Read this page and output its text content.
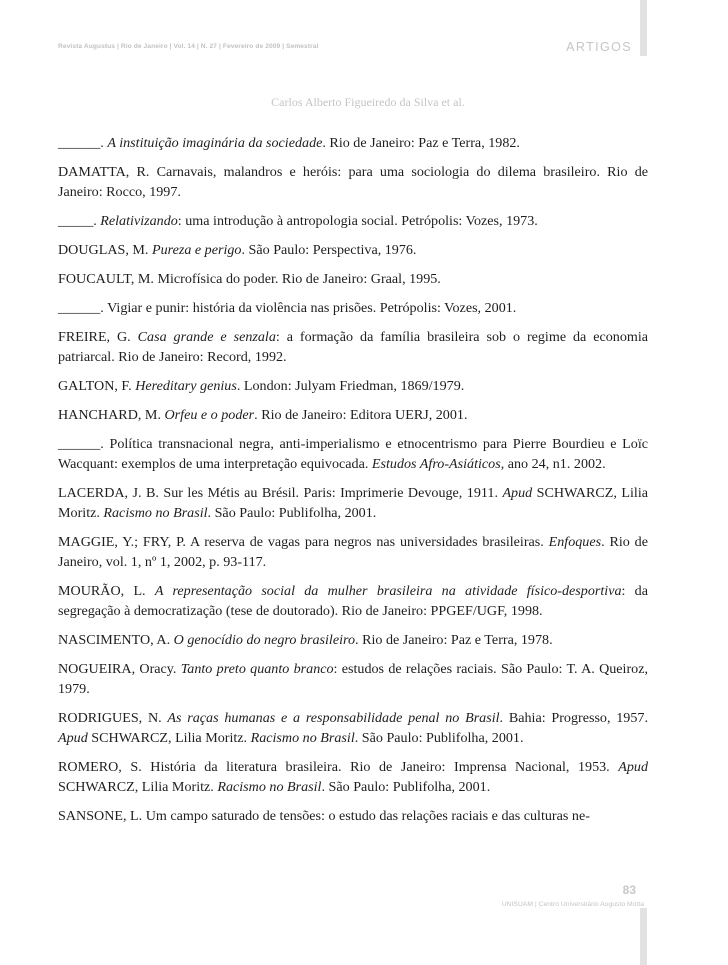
Revista Augustus | Rio de Janeiro | Vol. 14 | N. 27 | Fevereiro de 2009 | Semestral	ARTIGOS
Carlos Alberto Figueiredo da Silva et al.

______. A instituição imaginária da sociedade. Rio de Janeiro: Paz e Terra, 1982.

DAMATTA, R. Carnavais, malandros e heróis: para uma sociologia do dilema brasileiro. Rio de Janeiro: Rocco, 1997.

_____. Relativizando: uma introdução à antropologia social. Petrópolis: Vozes, 1973.

DOUGLAS, M. Pureza e perigo. São Paulo: Perspectiva, 1976.

FOUCAULT, M. Microfísica do poder. Rio de Janeiro: Graal, 1995.

______. Vigiar e punir: história da violência nas prisões. Petrópolis: Vozes, 2001.

FREIRE, G. Casa grande e senzala: a formação da família brasileira sob o regime da economia patriarcal. Rio de Janeiro: Record, 1992.

GALTON, F. Hereditary genius. London: Julyam Friedman, 1869/1979.

HANCHARD, M. Orfeu e o poder. Rio de Janeiro: Editora UERJ, 2001.

______. Política transnacional negra, anti-imperialismo e etnocentrismo para Pierre Bourdieu e Loïc Wacquant: exemplos de uma interpretação equivocada. Estudos Afro-Asiáticos, ano 24, n1. 2002.

LACERDA, J. B. Sur les Métis au Brésil. Paris: Imprimerie Devouge, 1911. Apud SCHWARCZ, Lilia Moritz. Racismo no Brasil. São Paulo: Publifolha, 2001.

MAGGIE, Y.; FRY, P. A reserva de vagas para negros nas universidades brasileiras. Enfoques. Rio de Janeiro, vol. 1, nº 1, 2002, p. 93-117.

MOURÃO, L. A representação social da mulher brasileira na atividade físico-desportiva: da segregação à democratização (tese de doutorado). Rio de Janeiro: PPGEF/UGF, 1998.

NASCIMENTO, A. O genocídio do negro brasileiro. Rio de Janeiro: Paz e Terra, 1978.

NOGUEIRA, Oracy. Tanto preto quanto branco: estudos de relações raciais. São Paulo: T. A. Queiroz, 1979.

RODRIGUES, N. As raças humanas e a responsabilidade penal no Brasil. Bahia: Progresso, 1957. Apud SCHWARCZ, Lilia Moritz. Racismo no Brasil. São Paulo: Publifolha, 2001.

ROMERO, S. História da literatura brasileira. Rio de Janeiro: Imprensa Nacional, 1953. Apud SCHWARCZ, Lilia Moritz. Racismo no Brasil. São Paulo: Publifolha, 2001.

SANSONE, L. Um campo saturado de tensões: o estudo das relações raciais e das culturas ne-

83
UNISUAM | Centro Universitário Augusto Motta
